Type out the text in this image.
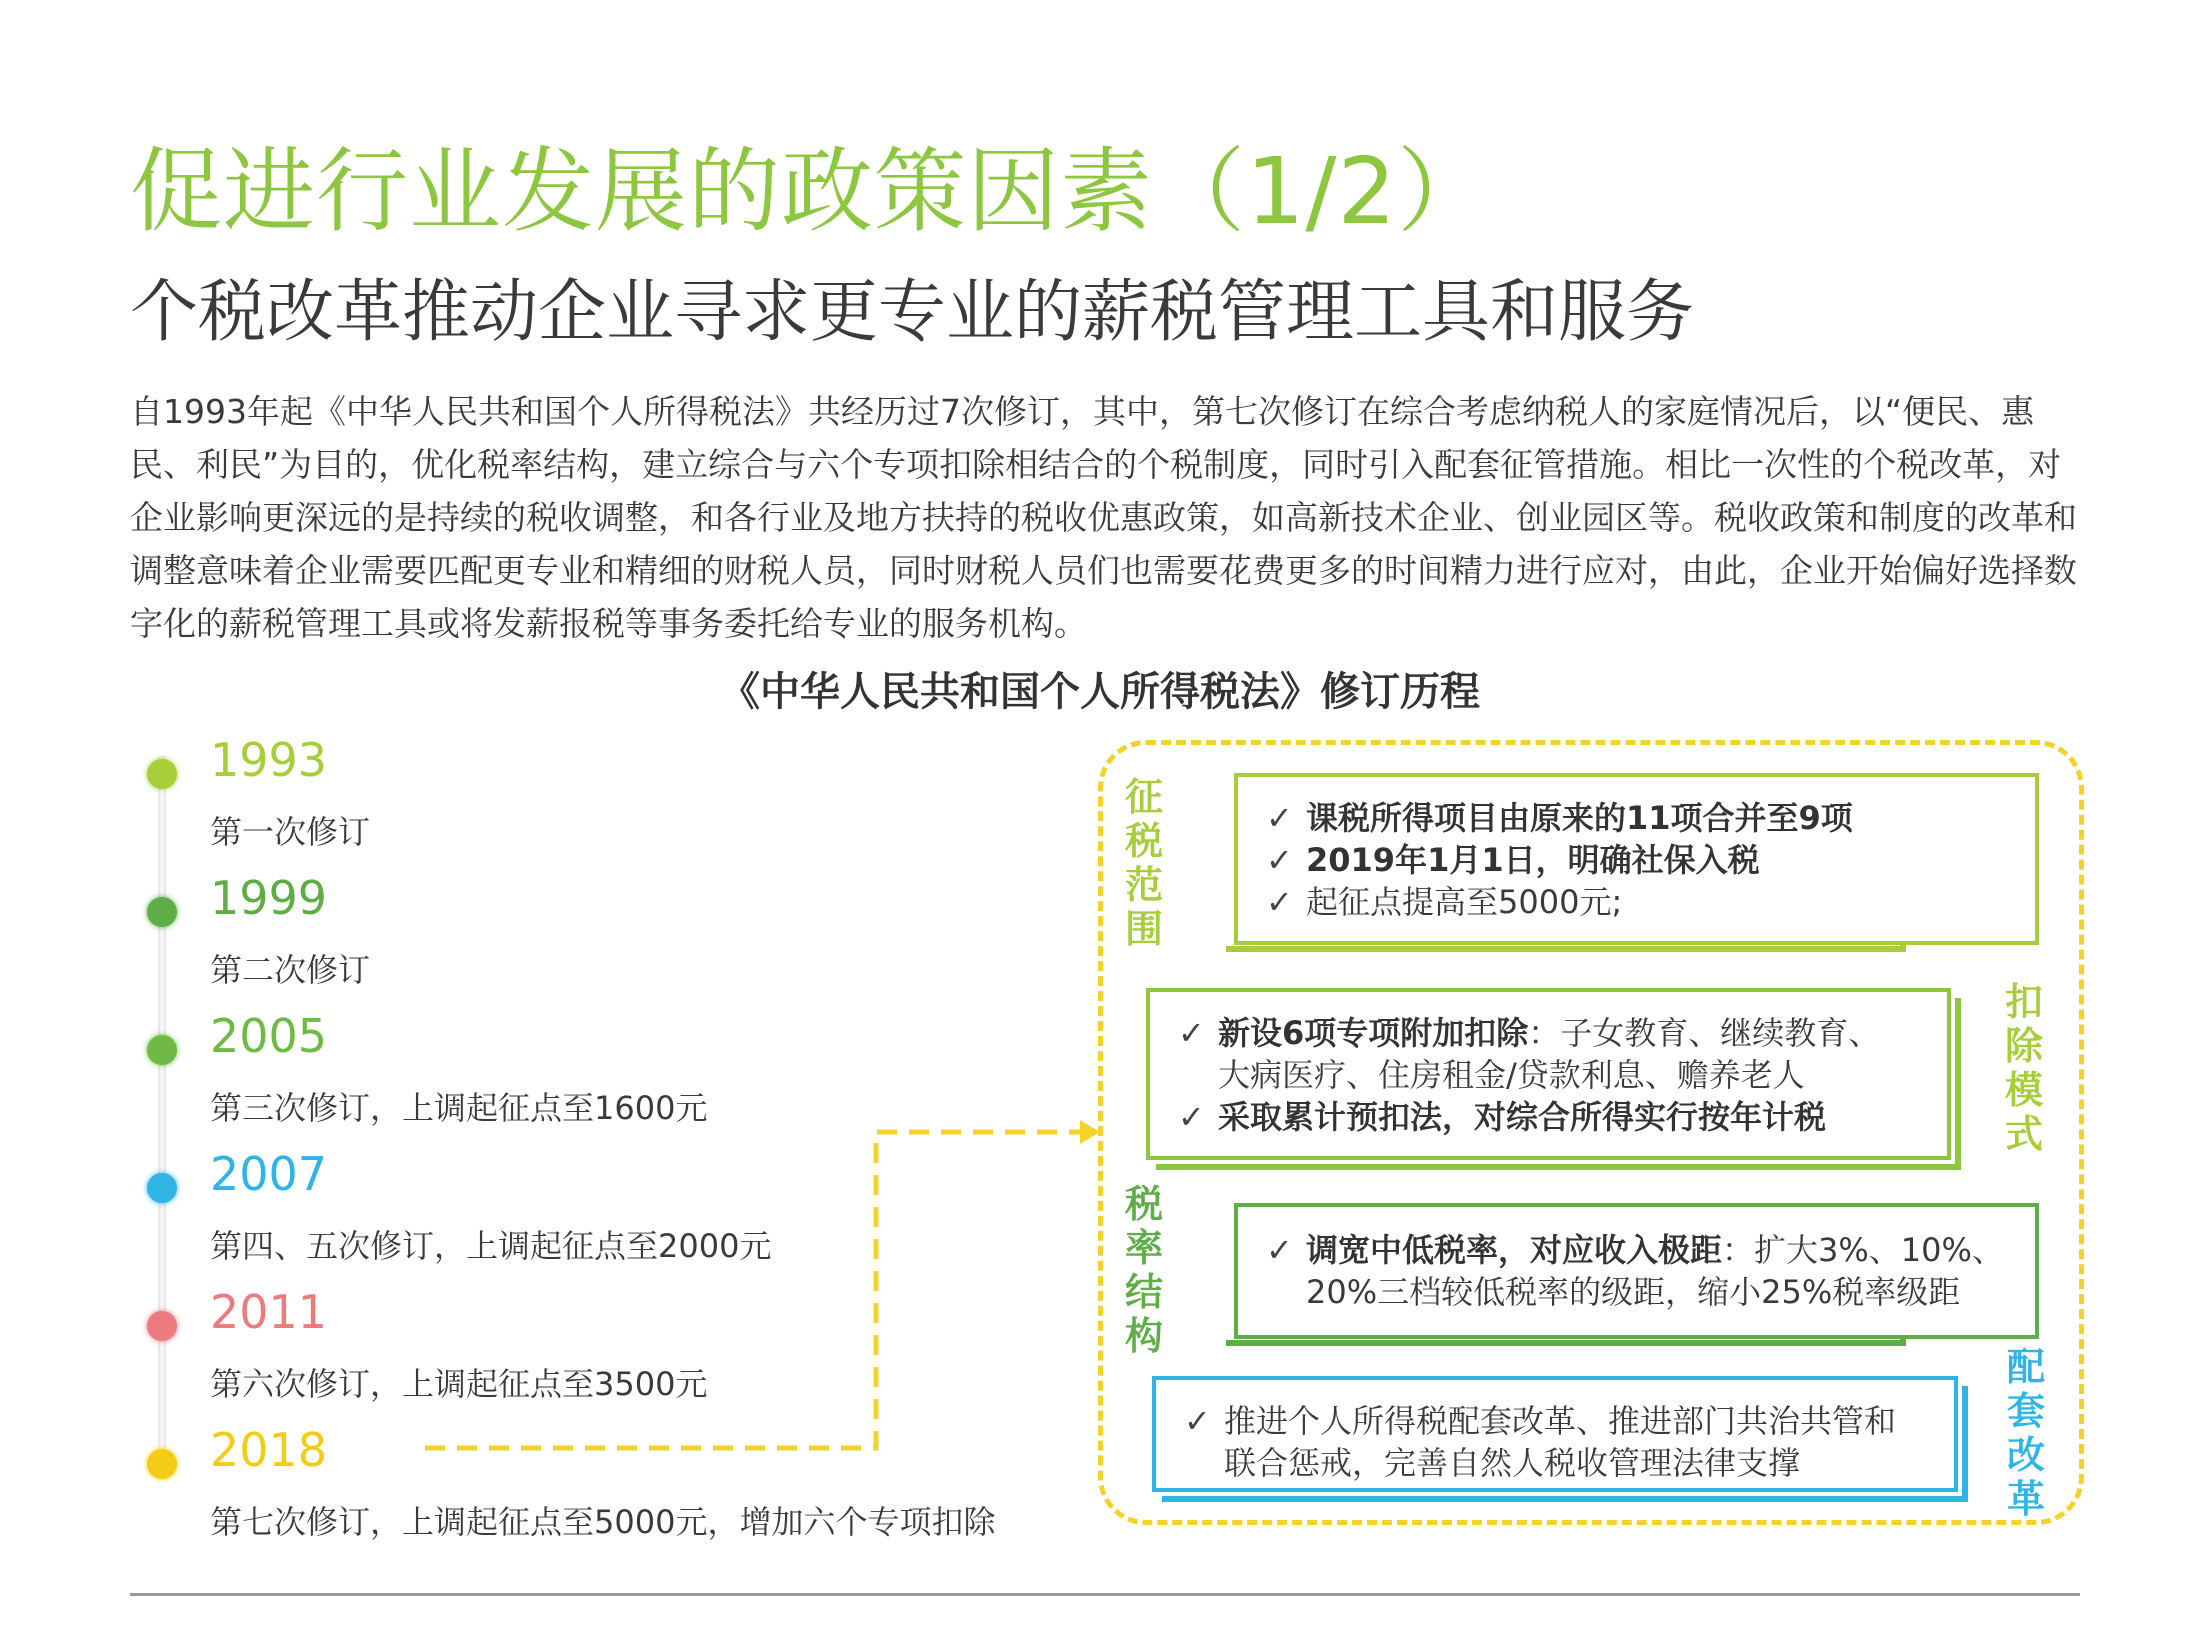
促进行业发展的政策因素（1/2）
个税改革推动企业寻求更专业的薪税管理工具和服务

自1993年起《中华人民共和国个人所得税法》共经历过7次修订，其中，第七次修订在综合考虑纳税人的家庭情况后，以“便民、惠民、利民”为目的，优化税率结构，建立综合与六个专项扣除相结合的个税制度，同时引入配套征管措施。相比一次性的个税改革，对企业影响更深远的是持续的税收调整，和各行业及地方扶持的税收优惠政策，如高新技术企业、创业园区等。税收政策和制度的改革和调整意味着企业需要匹配更专业和精细的财税人员，同时财税人员们也需要花费更多的时间精力进行应对，由此，企业开始偏好选择数字化的薪税管理工具或将发薪报税等事务委托给专业的服务机构。

《中华人民共和国个人所得税法》修订历程
1993
第一次修订
1999
第二次修订
2005
第三次修订，上调起征点至1600元
2007
第四、五次修订，上调起征点至2000元
2011
第六次修订，上调起征点至3500元
2018
第七次修订，上调起征点至5000元，增加六个专项扣除
征税范围
扣除模式
税率结构
配套改革
✓ 课税所得项目由原来的11项合并至9项
✓ 2019年1月1日，明确社保入税
✓ 起征点提高至5000元;
✓ 新设6项专项附加扣除：子女教育、继续教育、
大病医疗、住房租金/贷款利息、赡养老人
✓ 采取累计预扣法，对综合所得实行按年计税
✓ 调宽中低税率，对应收入极距：扩大3%、10%、
20%三档较低税率的级距，缩小25%税率级距
✓ 推进个人所得税配套改革、推进部门共治共管和
联合惩戒，完善自然人税收管理法律支撑
